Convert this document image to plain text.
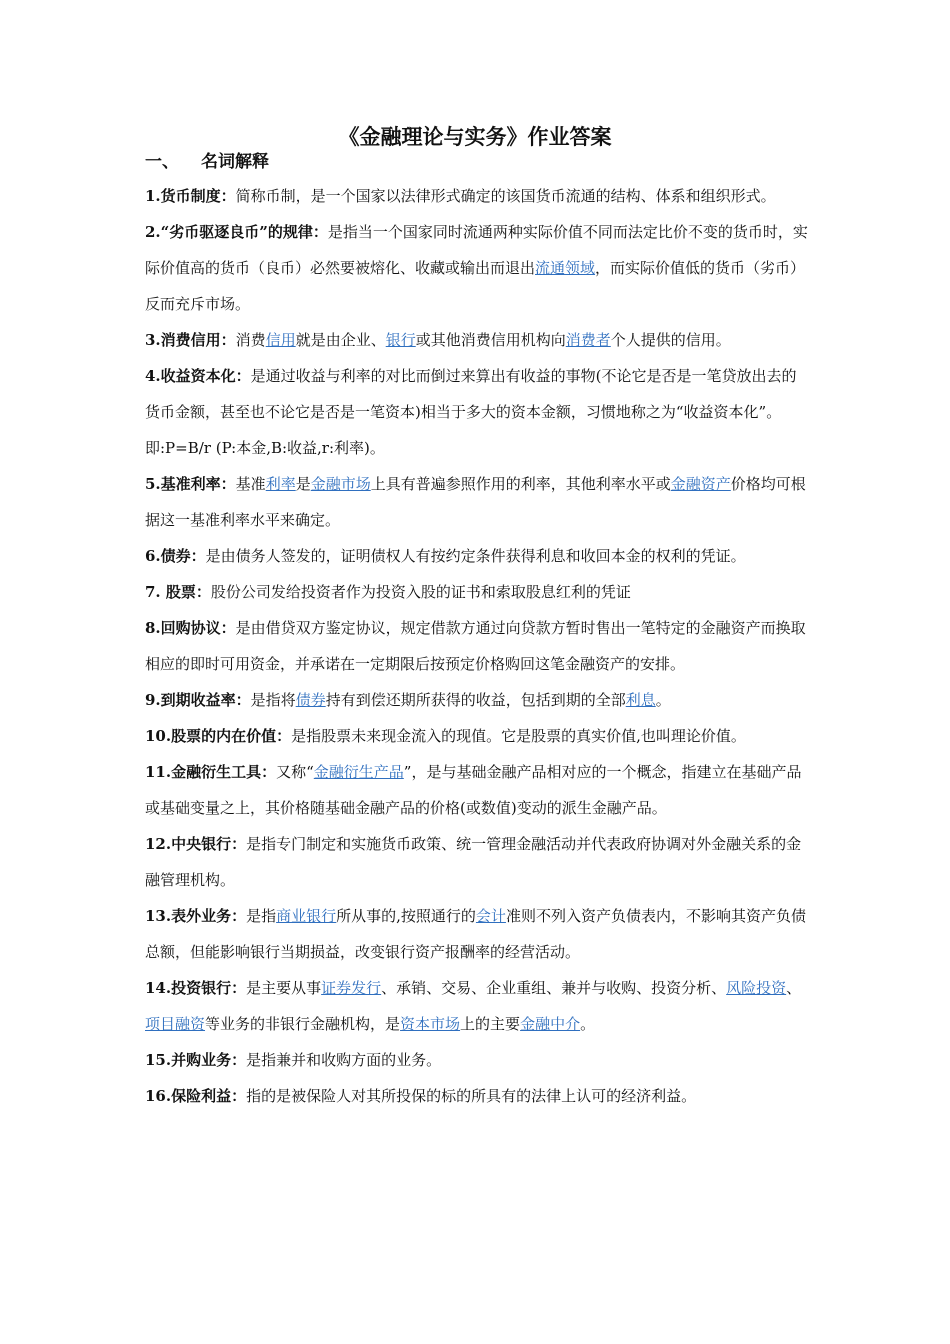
《金融理论与实务》作业答案
一、 名词解释

1.货币制度：简称币制，是一个国家以法律形式确定的该国货币流通的结构、体系和组织形式。

2.“劣币驱逐良币”的规律：是指当一个国家同时流通两种实际价值不同而法定比价不变的货币时，实际价值高的货币（良币）必然要被熔化、收藏或输出而退出流通领域，而实际价值低的货币（劣币）反而充斥市场。

3.消费信用：消费信用就是由企业、银行或其他消费信用机构向消费者个人提供的信用。

4.收益资本化：是通过收益与利率的对比而倒过来算出有收益的事物(不论它是否是一笔贷放出去的货币金额，甚至也不论它是否是一笔资本)相当于多大的资本金额，习惯地称之为“收益资本化”。即:P=B/r (P:本金,B:收益,r:利率)。

5.基准利率：基准利率是金融市场上具有普遍参照作用的利率，其他利率水平或金融资产价格均可根据这一基准利率水平来确定。

6.债券：是由债务人签发的，证明债权人有按约定条件获得利息和收回本金的权利的凭证。

7. 股票：股份公司发给投资者作为投资入股的证书和索取股息红利的凭证

8.回购协议：是由借贷双方鉴定协议，规定借款方通过向贷款方暂时售出一笔特定的金融资产而换取相应的即时可用资金，并承诺在一定期限后按预定价格购回这笔金融资产的安排。

9.到期收益率：是指将债券持有到偿还期所获得的收益，包括到期的全部利息。

10.股票的内在价值：是指股票未来现金流入的现值。它是股票的真实价值,也叫理论价值。

11.金融衍生工具：又称“金融衍生产品”，是与基础金融产品相对应的一个概念，指建立在基础产品或基础变量之上，其价格随基础金融产品的价格(或数值)变动的派生金融产品。

12.中央银行：是指专门制定和实施货币政策、统一管理金融活动并代表政府协调对外金融关系的金融管理机构。

13.表外业务：是指商业银行所从事的,按照通行的会计准则不列入资产负债表内，不影响其资产负债总额，但能影响银行当期损益，改变银行资产报酬率的经营活动。

14.投资银行：是主要从事证券发行、承销、交易、企业重组、兼并与收购、投资分析、风险投资、项目融资等业务的非银行金融机构，是资本市场上的主要金融中介。

15.并购业务：是指兼并和收购方面的业务。

16.保险利益：指的是被保险人对其所投保的标的所具有的法律上认可的经济利益。
